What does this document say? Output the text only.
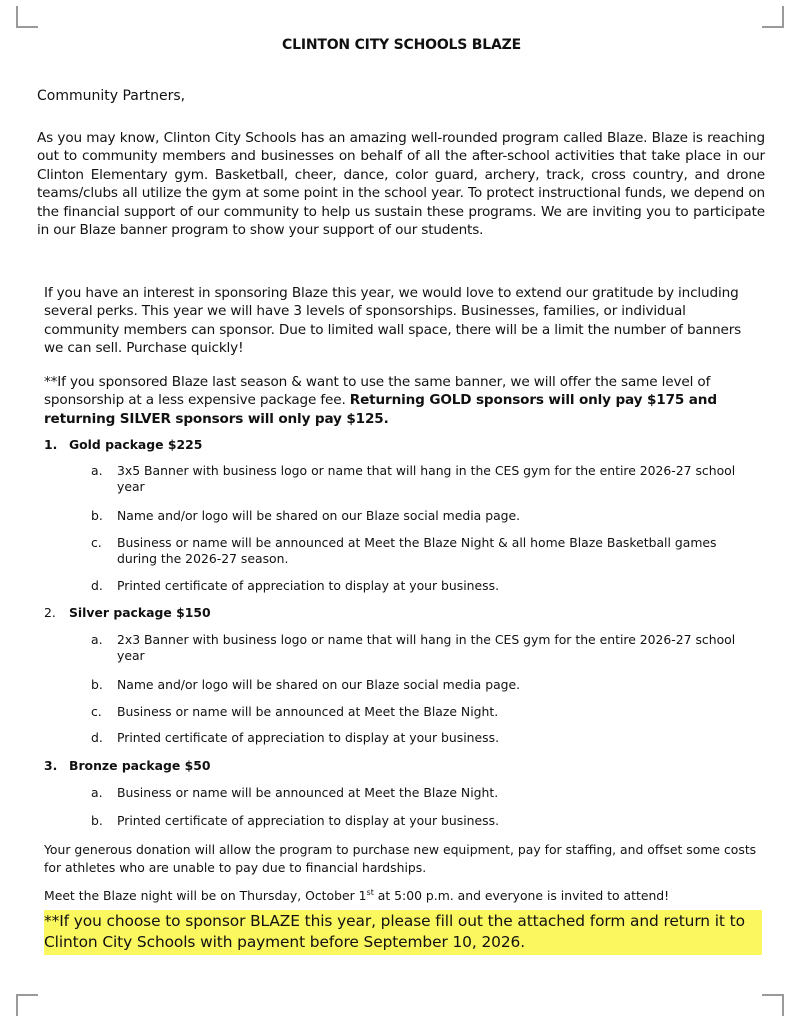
CLINTON CITY SCHOOLS BLAZE

Community Partners,

As you may know, Clinton City Schools has an amazing well-rounded program called Blaze. Blaze is reaching out to community members and businesses on behalf of all the after-school activities that take place in our Clinton Elementary gym. Basketball, cheer, dance, color guard, archery, track, cross country, and drone teams/clubs all utilize the gym at some point in the school year. To protect instructional funds, we depend on the financial support of our community to help us sustain these programs. We are inviting you to participate in our Blaze banner program to show your support of our students.

If you have an interest in sponsoring Blaze this year, we would love to extend our gratitude by including several perks. This year we will have 3 levels of sponsorships. Businesses, families, or individual community members can sponsor. Due to limited wall space, there will be a limit the number of banners we can sell. Purchase quickly!

**If you sponsored Blaze last season & want to use the same banner, we will offer the same level of sponsorship at a less expensive package fee. Returning GOLD sponsors will only pay $175 and returning SILVER sponsors will only pay $125.

1. Gold package $225
a.	3x5 Banner with business logo or name that will hang in the CES gym for the entire 2026-27 school year
b.	Name and/or logo will be shared on our Blaze social media page.
c.	Business or name will be announced at Meet the Blaze Night & all home Blaze Basketball games during the 2026-27 season.
d.	Printed certificate of appreciation to display at your business.
2. Silver package $150
a.	2x3 Banner with business logo or name that will hang in the CES gym for the entire 2026-27 school year
b.	Name and/or logo will be shared on our Blaze social media page.
c.	Business or name will be announced at Meet the Blaze Night.
d.	Printed certificate of appreciation to display at your business.
3. Bronze package $50
a.	Business or name will be announced at Meet the Blaze Night.
b.	Printed certificate of appreciation to display at your business.

Your generous donation will allow the program to purchase new equipment, pay for staffing, and offset some costs for athletes who are unable to pay due to financial hardships.

Meet the Blaze night will be on Thursday, October 1st at 5:00 p.m. and everyone is invited to attend!

**If you choose to sponsor BLAZE this year, please fill out the attached form and return it to Clinton City Schools with payment before September 10, 2026.
